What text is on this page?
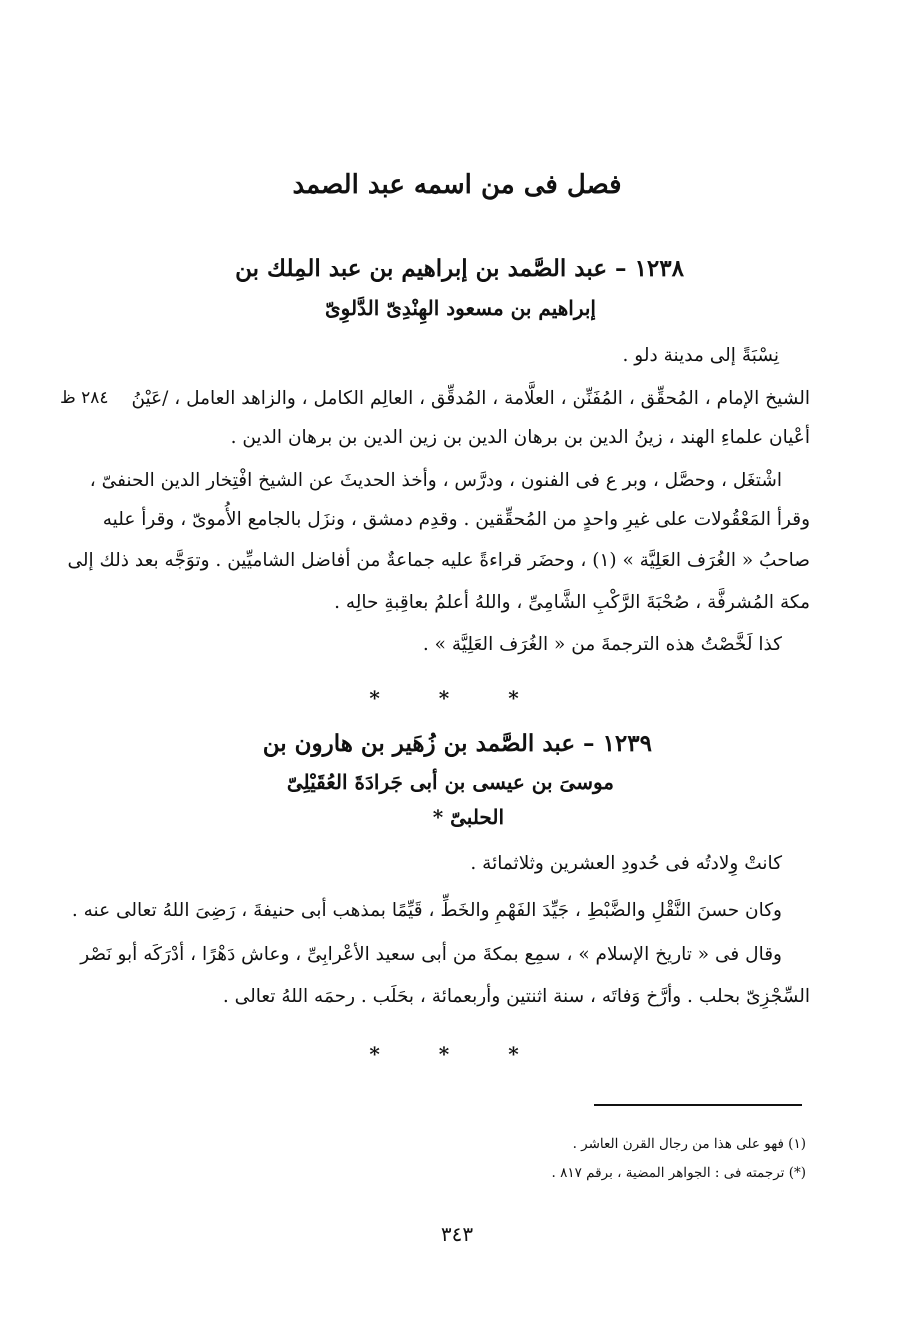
فصل فى من اسمه عبد الصمد
١٢٣٨ – عبد الصَّمد بن إبراهيم بن عبد المِلك بن
إبراهيم بن مسعود الهِنْدِىّ الدَّلوِىّ
نِسْبَةً إلى مدينة دلو .
٢٨٤ ظ الشيخ الإمام ، المُحقِّق ، المُفَنِّن ، العلَّامة ، المُدقِّق ، العالِم الكامل ، والزاهد العامل ، /عَيْنُ
أعْيان علماءِ الهند ، زينُ الدين بن برهان الدين بن زين الدين بن برهان الدين .
اشْتغَل ، وحصَّل ، وبر ع فى الفنون ، ودرَّس ، وأخذ الحديثَ عن الشيخ افْتِخار الدين الحنفىّ ،
وقرأ المَعْقُولات على غيرِ واحدٍ من المُحقِّقين . وقدِم دمشق ، ونزَل بالجامع الأُموىّ ، وقرأ عليه
صاحبُ « الغُرَف العَلِيَّة » (١) ، وحضَر قراءةً عليه جماعةٌ من أفاضل الشاميِّين . وتوَجَّه بعد ذلك إلى
مكة المُشرفَّة ، صُحْبَةَ الرَّكْبِ الشَّامِىِّ ، واللهُ أعلمُ بعاقِبةِ حالِه .
كذا لَخَّصْتُ هذه الترجمةَ من « الغُرَف العَلِيَّة » .
* * *
١٢٣٩ – عبد الصَّمد بن زُهَير بن هارون بن
موسىَ بن عيسى بن أبى جَرادَةَ العُقَيْلِىّ
الحلبىّ *
كانتْ وِلادتُه فى حُدودِ العشرين وثلاثمائة .
وكان حسنَ النَّقْلِ والضَّبْطِ ، جَيِّدَ الفَهْمِ والخَطِّ ، قَيِّمًا بمذهب أبى حنيفةَ ، رَضِىَ اللهُ تعالى عنه .
وقال فى « تاريخ الإسلام » ، سمِع بمكةَ من أبى سعيد الأعْرابِىِّ ، وعاش دَهْرًا ، أدْرَكَه أبو نَصْر
السِّجْزِىّ بحلب . وأرَّخ وَفاتَه ، سنة اثنتين وأربعمائة ، بحَلَب . رحمَه اللهُ تعالى .
* * *
(١) فهو على هذا من رجال القرن العاشر .
(*) ترجمته فى : الجواهر المضية ، برقم ٨١٧ .
٣٤٣
